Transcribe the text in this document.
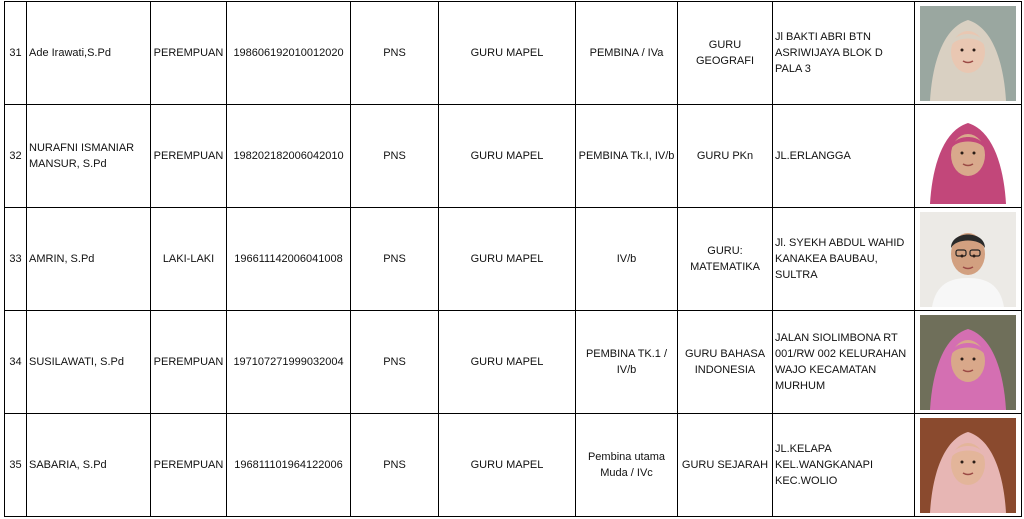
31	Ade Irawati,S.Pd	PEREMPUAN	198606192010012020	PNS	GURU MAPEL	PEMBINA / IVa	GURU GEOGRAFI	Jl BAKTI ABRI BTN ASRIWIJAYA BLOK D PALA 3	

32	NURAFNI ISMANIAR MANSUR, S.Pd	PEREMPUAN	198202182006042010	PNS	GURU MAPEL	PEMBINA Tk.I, IV/b	GURU PKn	JL.ERLANGGA	

33	AMRIN, S.Pd	LAKI-LAKI	196611142006041008	PNS	GURU MAPEL	IV/b	GURU: MATEMATIKA	Jl. SYEKH ABDUL WAHID KANAKEA BAUBAU, SULTRA	

34	SUSILAWATI, S.Pd	PEREMPUAN	197107271999032004	PNS	GURU MAPEL	PEMBINA TK.1 / IV/b	GURU BAHASA INDONESIA	JALAN SIOLIMBONA RT 001/RW 002 KELURAHAN WAJO KECAMATAN MURHUM	

35	SABARIA, S.Pd	PEREMPUAN	196811101964122006	PNS	GURU MAPEL	Pembina utama Muda / IVc	GURU SEJARAH	JL.KELAPA KEL.WANGKANAPI KEC.WOLIO	
